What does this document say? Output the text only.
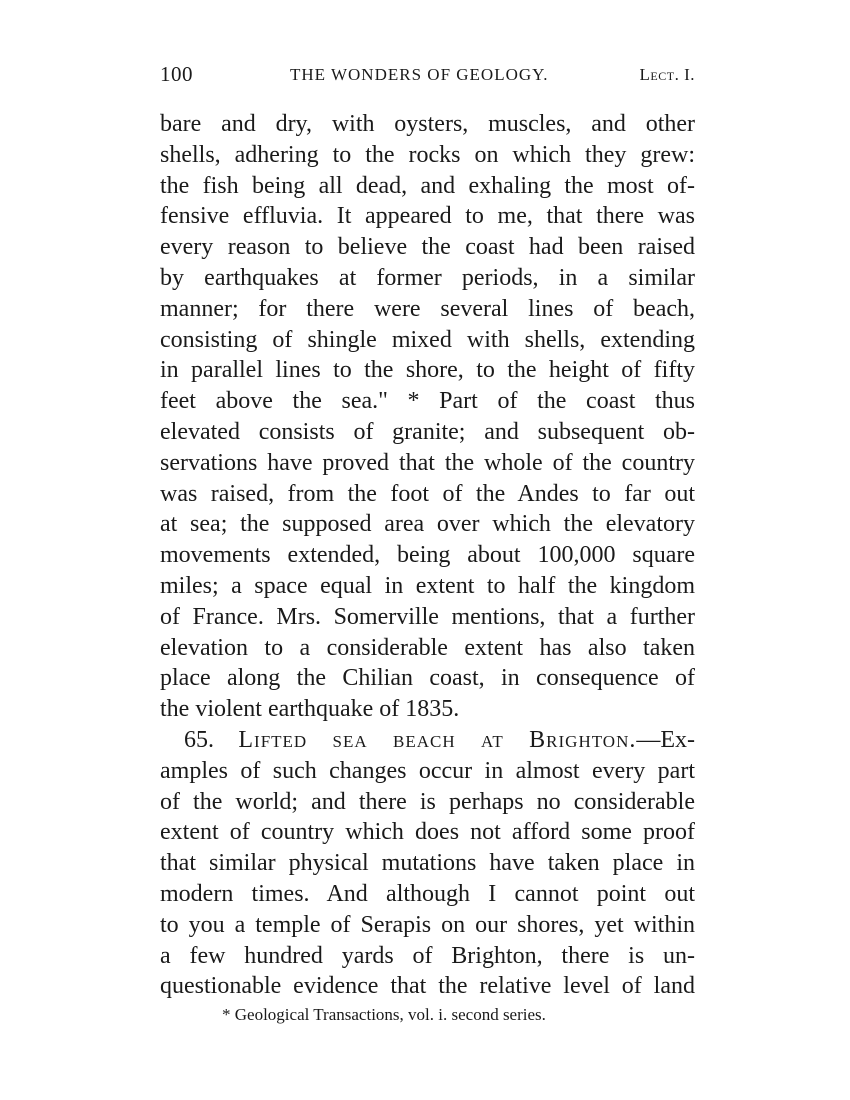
100	THE WONDERS OF GEOLOGY.	Lect. I.
bare and dry, with oysters, muscles, and other
shells, adhering to the rocks on which they grew:
the fish being all dead, and exhaling the most of-
fensive effluvia. It appeared to me, that there was
every reason to believe the coast had been raised
by earthquakes at former periods, in a similar
manner; for there were several lines of beach,
consisting of shingle mixed with shells, extending
in parallel lines to the shore, to the height of fifty
feet above the sea." * Part of the coast thus
elevated consists of granite; and subsequent ob-
servations have proved that the whole of the country
was raised, from the foot of the Andes to far out
at sea; the supposed area over which the elevatory
movements extended, being about 100,000 square
miles; a space equal in extent to half the kingdom
of France. Mrs. Somerville mentions, that a further
elevation to a considerable extent has also taken
place along the Chilian coast, in consequence of
the violent earthquake of 1835.
65. Lifted sea beach at Brighton.—Ex-
amples of such changes occur in almost every part
of the world; and there is perhaps no considerable
extent of country which does not afford some proof
that similar physical mutations have taken place in
modern times. And although I cannot point out
to you a temple of Serapis on our shores, yet within
a few hundred yards of Brighton, there is un-
questionable evidence that the relative level of land
* Geological Transactions, vol. i. second series.
